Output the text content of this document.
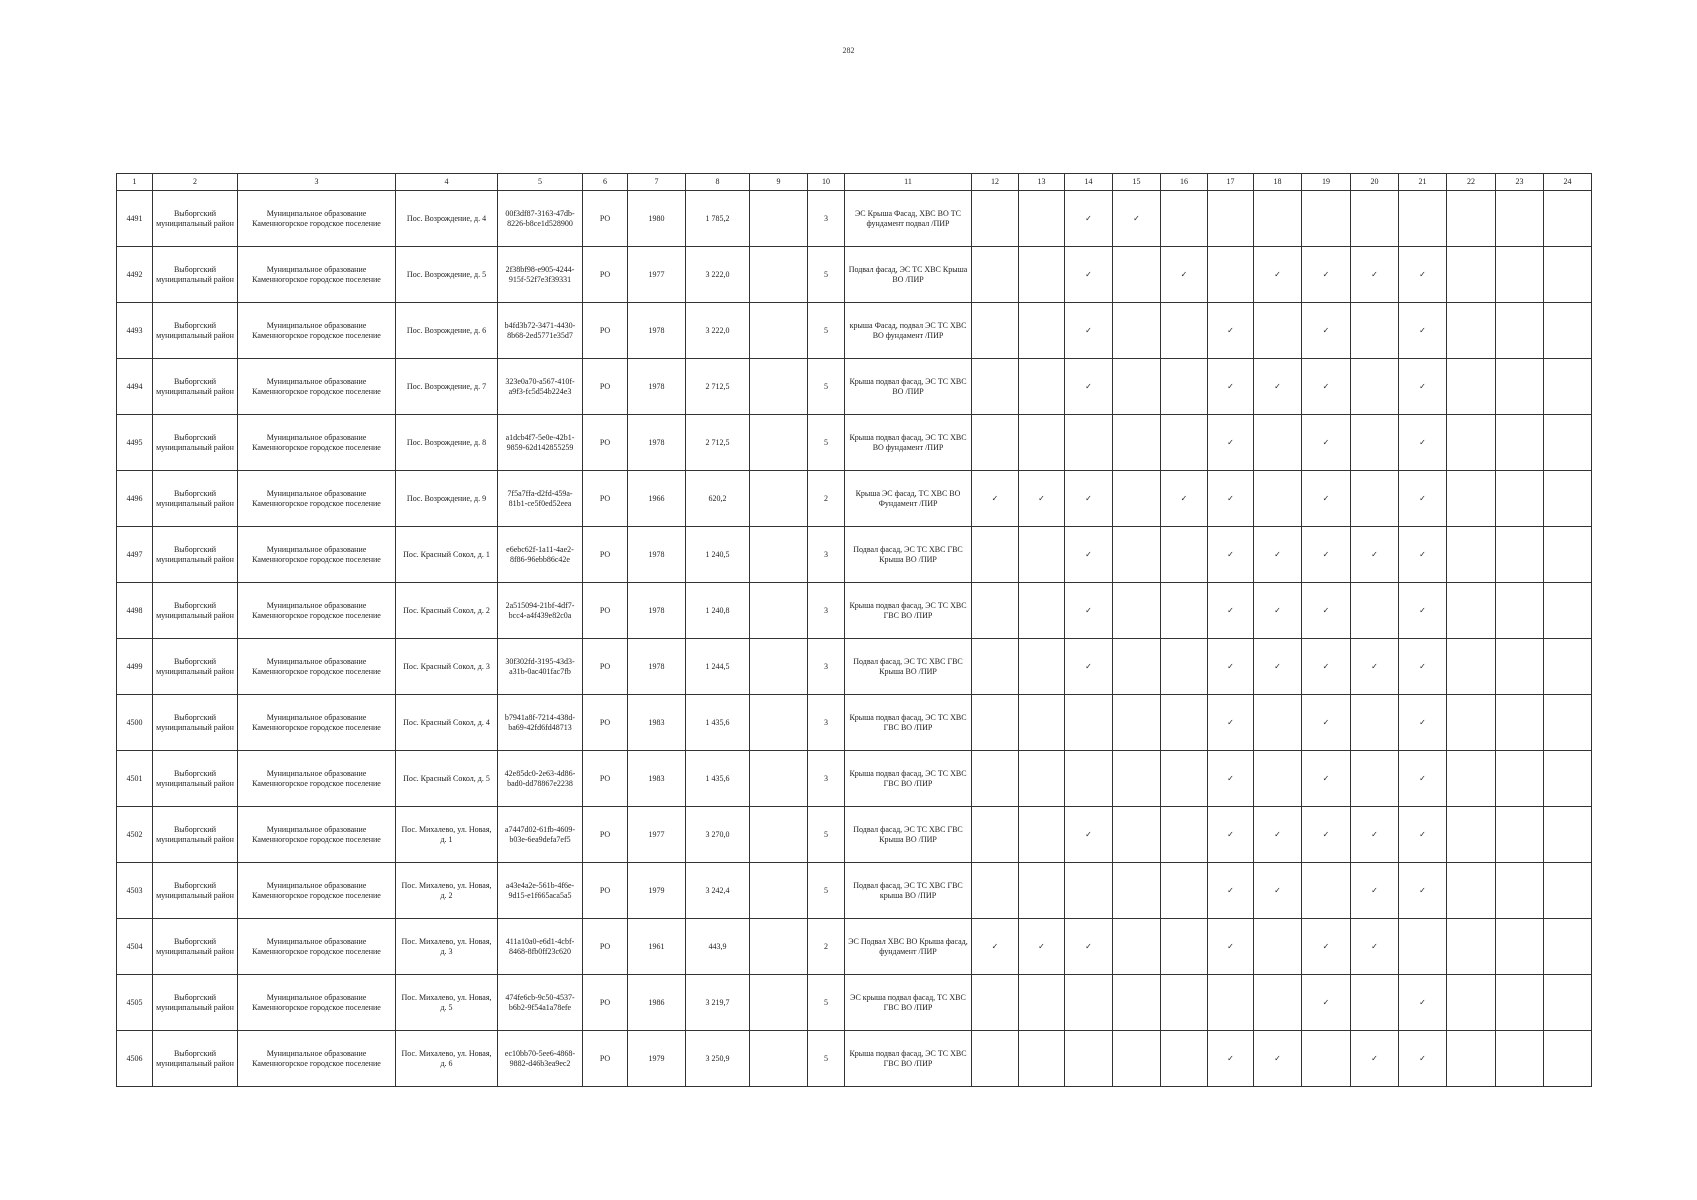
282
1	2	3	4	5	6	7	8	9	10	11	12	13	14	15	16	17	18	19	20	21	22	23	24
4491	Выборгский муниципальный район	Муниципальное образование Каменногорское городское поселение	Пос. Возрождение, д. 4	00f3df87-3163-47db-8226-b8ce1d528900	РО	1980	1 785,2		3	ЭС Крыша Фасад, ХВС ВО ТС фундамент подвал /ПИР			✓	✓									
4492	Выборгский муниципальный район	Муниципальное образование Каменногорское городское поселение	Пос. Возрождение, д. 5	2f38bf98-e905-4244-915f-52f7e3f39331	РО	1977	3 222,0		5	Подвал фасад, ЭС ТС ХВС Крыша ВО /ПИР			✓		✓		✓	✓	✓	✓			
4493	Выборгский муниципальный район	Муниципальное образование Каменногорское городское поселение	Пос. Возрождение, д. 6	b4fd3b72-3471-4430-8b68-2ed5771e35d7	РО	1978	3 222,0		5	крыша Фасад, подвал ЭС ТС ХВС ВО фундамент /ПИР			✓			✓		✓		✓			
4494	Выборгский муниципальный район	Муниципальное образование Каменногорское городское поселение	Пос. Возрождение, д. 7	323e0a70-a567-410f-a9f3-fc5d54b224e3	РО	1978	2 712,5		5	Крыша подвал фасад, ЭС ТС ХВС ВО /ПИР			✓			✓	✓	✓		✓			
4495	Выборгский муниципальный район	Муниципальное образование Каменногорское городское поселение	Пос. Возрождение, д. 8	a1dcb4f7-5e0e-42b1-9859-62d142855259	РО	1978	2 712,5		5	Крыша подвал фасад, ЭС ТС ХВС ВО фундамент /ПИР						✓		✓		✓			
4496	Выборгский муниципальный район	Муниципальное образование Каменногорское городское поселение	Пос. Возрождение, д. 9	7f5a7ffa-d2fd-459a-81b1-ce5f0ed52eea	РО	1966	620,2		2	Крыша ЭС фасад, ТС ХВС ВО Фундамент /ПИР	✓	✓	✓		✓	✓		✓		✓			
4497	Выборгский муниципальный район	Муниципальное образование Каменногорское городское поселение	Пос. Красный Сокол, д. 1	e6ebc62f-1a11-4ae2-8f86-96ebb86c42e	РО	1978	1 240,5		3	Подвал фасад, ЭС ТС ХВС ГВС Крыша ВО /ПИР			✓			✓	✓	✓	✓	✓			
4498	Выборгский муниципальный район	Муниципальное образование Каменногорское городское поселение	Пос. Красный Сокол, д. 2	2a515094-21bf-4df7-bcc4-a4f439e82c0a	РО	1978	1 240,8		3	Крыша подвал фасад, ЭС ТС ХВС ГВС ВО /ПИР			✓			✓	✓	✓		✓			
4499	Выборгский муниципальный район	Муниципальное образование Каменногорское городское поселение	Пос. Красный Сокол, д. 3	30f302fd-3195-43d3-a31b-0ac401fac7fb	РО	1978	1 244,5		3	Подвал фасад, ЭС ТС ХВС ГВС Крыша ВО /ПИР			✓			✓	✓	✓	✓	✓			
4500	Выборгский муниципальный район	Муниципальное образование Каменногорское городское поселение	Пос. Красный Сокол, д. 4	b7941a8f-7214-438d-ba69-42fd6fd48713	РО	1983	1 435,6		3	Крыша подвал фасад, ЭС ТС ХВС ГВС ВО /ПИР						✓		✓		✓			
4501	Выборгский муниципальный район	Муниципальное образование Каменногорское городское поселение	Пос. Красный Сокол, д. 5	42e85dc0-2e63-4d86-bad0-dd78867e2238	РО	1983	1 435,6		3	Крыша подвал фасад, ЭС ТС ХВС ГВС ВО /ПИР						✓		✓		✓			
4502	Выборгский муниципальный район	Муниципальное образование Каменногорское городское поселение	Пос. Михалево, ул. Новая, д. 1	a7447d02-61fb-4609-b03e-6ea9defa7ef5	РО	1977	3 270,0		5	Подвал фасад, ЭС ТС ХВС ГВС Крыша ВО /ПИР			✓			✓	✓	✓	✓	✓			
4503	Выборгский муниципальный район	Муниципальное образование Каменногорское городское поселение	Пос. Михалево, ул. Новая, д. 2	a43e4a2e-561b-4f6e-9d15-e1f665aca5a5	РО	1979	3 242,4		5	Подвал фасад, ЭС ТС ХВС ГВС крыша ВО /ПИР						✓	✓		✓	✓			
4504	Выборгский муниципальный район	Муниципальное образование Каменногорское городское поселение	Пос. Михалево, ул. Новая, д. 3	411a10a0-e6d1-4cbf-8468-8fb0ff23c620	РО	1961	443,9		2	ЭС Подвал ХВС ВО Крыша фасад, фундамент /ПИР	✓	✓	✓			✓		✓	✓				
4505	Выборгский муниципальный район	Муниципальное образование Каменногорское городское поселение	Пос. Михалево, ул. Новая, д. 5	474fe6cb-9c50-4537-b6b2-9f54a1a78efe	РО	1986	3 219,7		5	ЭС крыша подвал фасад, ТС ХВС ГВС ВО /ПИР								✓		✓			
4506	Выборгский муниципальный район	Муниципальное образование Каменногорское городское поселение	Пос. Михалево, ул. Новая, д. 6	ec10bb70-5ee6-4868-9882-d46b3ea9ec2	РО	1979	3 250,9		5	Крыша подвал фасад, ЭС ТС ХВС ГВС ВО /ПИР						✓	✓		✓	✓			
